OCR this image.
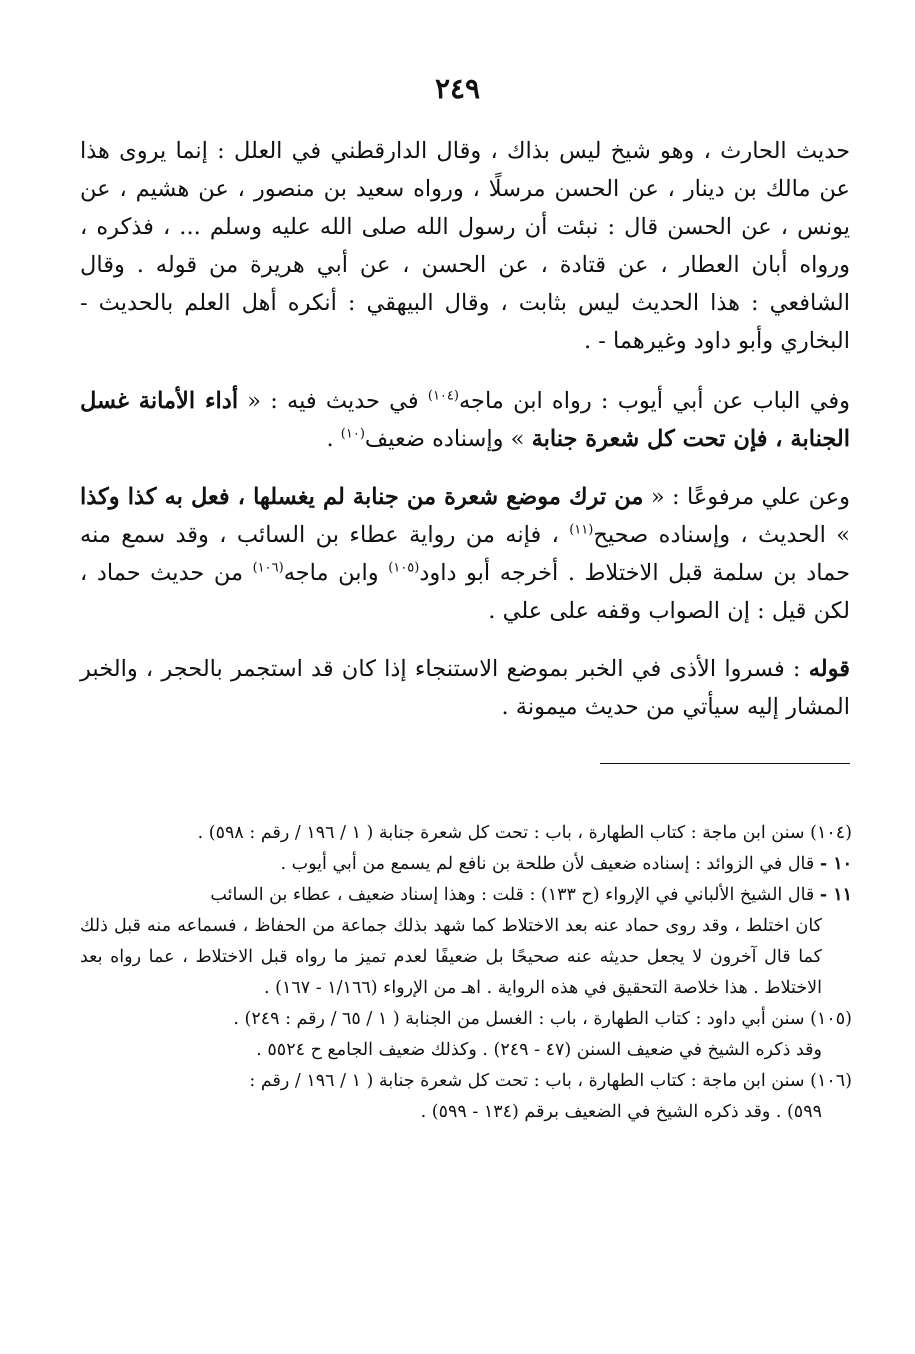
٢٤٩

حديث الحارث ، وهو شيخ ليس بذاك ، وقال الدارقطني في العلل : إنما يروى هذا عن مالك بن دينار ، عن الحسن مرسلًا ، ورواه سعيد بن منصور ، عن هشيم ، عن يونس ، عن الحسن قال : نبئت أن رسول الله صلى الله عليه وسلم ... ، فذكره ، ورواه أبان العطار ، عن قتادة ، عن الحسن ، عن أبي هريرة من قوله . وقال الشافعي : هذا الحديث ليس بثابت ، وقال البيهقي : أنكره أهل العلم بالحديث - البخاري وأبو داود وغيرهما - .

وفي الباب عن أبي أيوب : رواه ابن ماجه$^{(١٠٤)}$ في حديث فيه : « أداء الأمانة غسل الجنابة ، فإن تحت كل شعرة جنابة » وإسناده ضعيف$^{(١٠)}$ .

وعن علي مرفوعًا : « من ترك موضع شعرة من جنابة لم يغسلها ، فعل به كذا وكذا » الحديث ، وإسناده صحيح$^{(١١)}$ ، فإنه من رواية عطاء بن السائب ، وقد سمع منه حماد بن سلمة قبل الاختلاط . أخرجه أبو داود$^{(١٠٥)}$ وابن ماجه$^{(١٠٦)}$ من حديث حماد ، لكن قيل : إن الصواب وقفه على علي .

قوله : فسروا الأذى في الخبر بموضع الاستنجاء إذا كان قد استجمر بالحجر ، والخبر المشار إليه سيأتي من حديث ميمونة .

(١٠٤) سنن ابن ماجة : كتاب الطهارة ، باب : تحت كل شعرة جنابة ( ١ / ١٩٦ / رقم : ٥٩٨) .

١٠ - قال في الزوائد : إسناده ضعيف لأن طلحة بن نافع لم يسمع من أبي أيوب .

١١ - قال الشيخ الألباني في الإرواء (ح ١٣٣) : قلت : وهذا إسناد ضعيف ، عطاء بن السائب
كان اختلط ، وقد روى حماد عنه بعد الاختلاط كما شهد بذلك جماعة من الحفاظ ، فسماعه منه قبل ذلك كما قال آخرون لا يجعل حديثه عنه صحيحًا بل ضعيفًا لعدم تميز ما رواه قبل الاختلاط ، عما رواه بعد الاختلاط . هذا خلاصة التحقيق في هذه الرواية . اهـ من الإرواء (١/١٦٦ - ١٦٧) .

(١٠٥) سنن أبي داود : كتاب الطهارة ، باب : الغسل من الجنابة ( ١ / ٦٥ / رقم : ٢٤٩) .
وقد ذكره الشيخ في ضعيف السنن (٤٧ - ٢٤٩) . وكذلك ضعيف الجامع ح ٥٥٢٤ .

(١٠٦) سنن ابن ماجة : كتاب الطهارة ، باب : تحت كل شعرة جنابة ( ١ / ١٩٦ / رقم :
٥٩٩) . وقد ذكره الشيخ في الضعيف برقم (١٣٤ - ٥٩٩) .
